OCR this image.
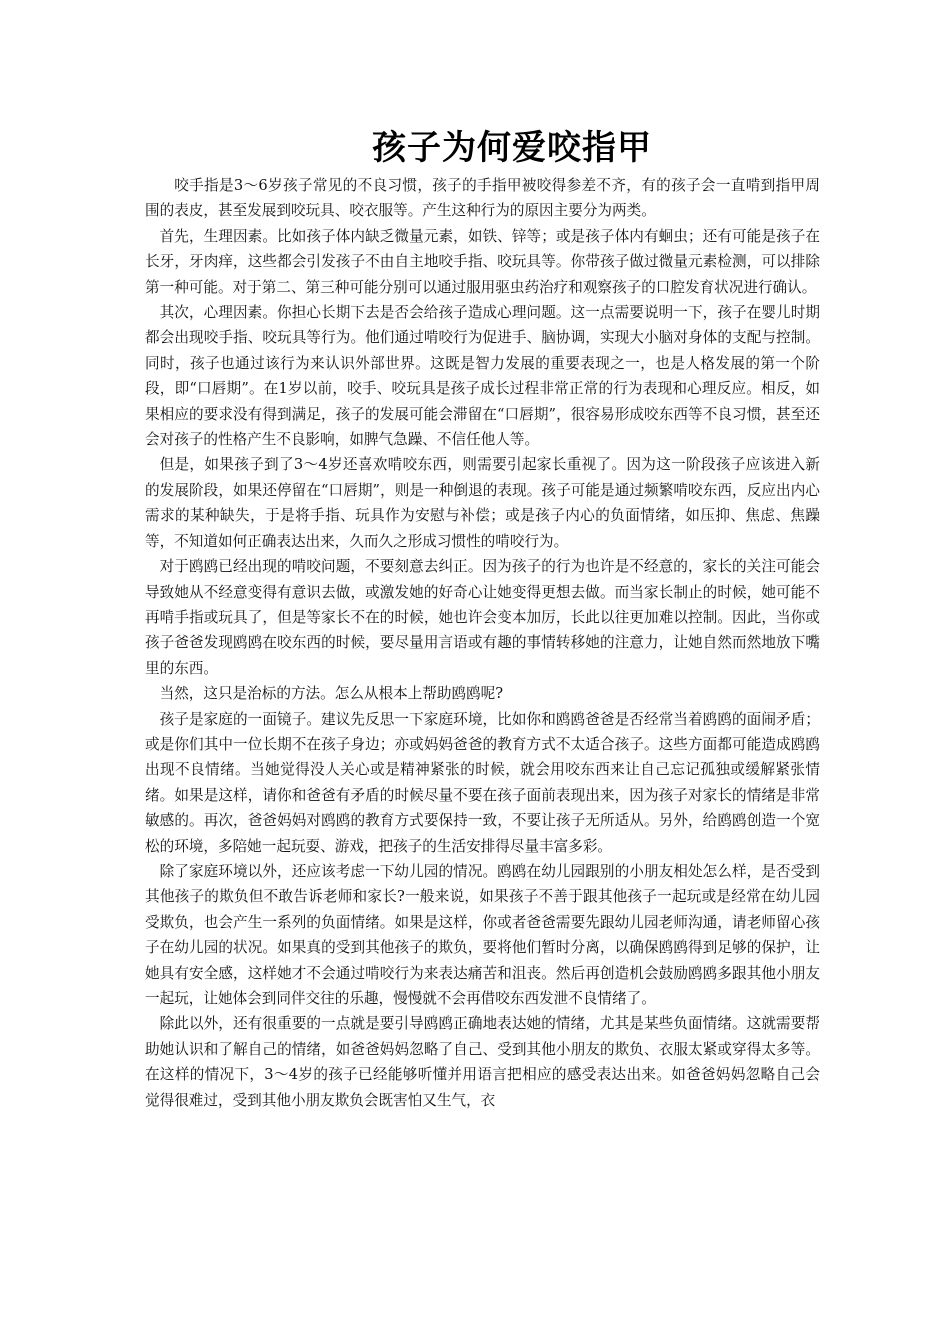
孩子为何爱咬指甲

咬手指是3～6岁孩子常见的不良习惯，孩子的手指甲被咬得参差不齐，有的孩子会一直啃到指甲周围的表皮，甚至发展到咬玩具、咬衣服等。产生这种行为的原因主要分为两类。

首先，生理因素。比如孩子体内缺乏微量元素，如铁、锌等；或是孩子体内有蛔虫；还有可能是孩子在长牙，牙肉痒，这些都会引发孩子不由自主地咬手指、咬玩具等。你带孩子做过微量元素检测，可以排除第一种可能。对于第二、第三种可能分别可以通过服用驱虫药治疗和观察孩子的口腔发育状况进行确认。

其次，心理因素。你担心长期下去是否会给孩子造成心理问题。这一点需要说明一下，孩子在婴儿时期都会出现咬手指、咬玩具等行为。他们通过啃咬行为促进手、脑协调，实现大小脑对身体的支配与控制。同时，孩子也通过该行为来认识外部世界。这既是智力发展的重要表现之一，也是人格发展的第一个阶段，即“口唇期”。在1岁以前，咬手、咬玩具是孩子成长过程非常正常的行为表现和心理反应。相反，如果相应的要求没有得到满足，孩子的发展可能会滞留在“口唇期”，很容易形成咬东西等不良习惯，甚至还会对孩子的性格产生不良影响，如脾气急躁、不信任他人等。

但是，如果孩子到了3～4岁还喜欢啃咬东西，则需要引起家长重视了。因为这一阶段孩子应该进入新的发展阶段，如果还停留在“口唇期”，则是一种倒退的表现。孩子可能是通过频繁啃咬东西，反应出内心需求的某种缺失，于是将手指、玩具作为安慰与补偿；或是孩子内心的负面情绪，如压抑、焦虑、焦躁等，不知道如何正确表达出来，久而久之形成习惯性的啃咬行为。

对于鸥鸥已经出现的啃咬问题，不要刻意去纠正。因为孩子的行为也许是不经意的，家长的关注可能会导致她从不经意变得有意识去做，或激发她的好奇心让她变得更想去做。而当家长制止的时候，她可能不再啃手指或玩具了，但是等家长不在的时候，她也许会变本加厉，长此以往更加难以控制。因此，当你或孩子爸爸发现鸥鸥在咬东西的时候，要尽量用言语或有趣的事情转移她的注意力，让她自然而然地放下嘴里的东西。

当然，这只是治标的方法。怎么从根本上帮助鸥鸥呢?

孩子是家庭的一面镜子。建议先反思一下家庭环境，比如你和鸥鸥爸爸是否经常当着鸥鸥的面闹矛盾；或是你们其中一位长期不在孩子身边；亦或妈妈爸爸的教育方式不太适合孩子。这些方面都可能造成鸥鸥出现不良情绪。当她觉得没人关心或是精神紧张的时候，就会用咬东西来让自己忘记孤独或缓解紧张情绪。如果是这样，请你和爸爸有矛盾的时候尽量不要在孩子面前表现出来，因为孩子对家长的情绪是非常敏感的。再次，爸爸妈妈对鸥鸥的教育方式要保持一致，不要让孩子无所适从。另外，给鸥鸥创造一个宽松的环境，多陪她一起玩耍、游戏，把孩子的生活安排得尽量丰富多彩。

除了家庭环境以外，还应该考虑一下幼儿园的情况。鸥鸥在幼儿园跟别的小朋友相处怎么样，是否受到其他孩子的欺负但不敢告诉老师和家长?一般来说，如果孩子不善于跟其他孩子一起玩或是经常在幼儿园受欺负，也会产生一系列的负面情绪。如果是这样，你或者爸爸需要先跟幼儿园老师沟通，请老师留心孩子在幼儿园的状况。如果真的受到其他孩子的欺负，要将他们暂时分离，以确保鸥鸥得到足够的保护，让她具有安全感，这样她才不会通过啃咬行为来表达痛苦和沮丧。然后再创造机会鼓励鸥鸥多跟其他小朋友一起玩，让她体会到同伴交往的乐趣，慢慢就不会再借咬东西发泄不良情绪了。

除此以外，还有很重要的一点就是要引导鸥鸥正确地表达她的情绪，尤其是某些负面情绪。这就需要帮助她认识和了解自己的情绪，如爸爸妈妈忽略了自己、受到其他小朋友的欺负、衣服太紧或穿得太多等。在这样的情况下，3～4岁的孩子已经能够听懂并用语言把相应的感受表达出来。如爸爸妈妈忽略自己会觉得很难过，受到其他小朋友欺负会既害怕又生气，衣
